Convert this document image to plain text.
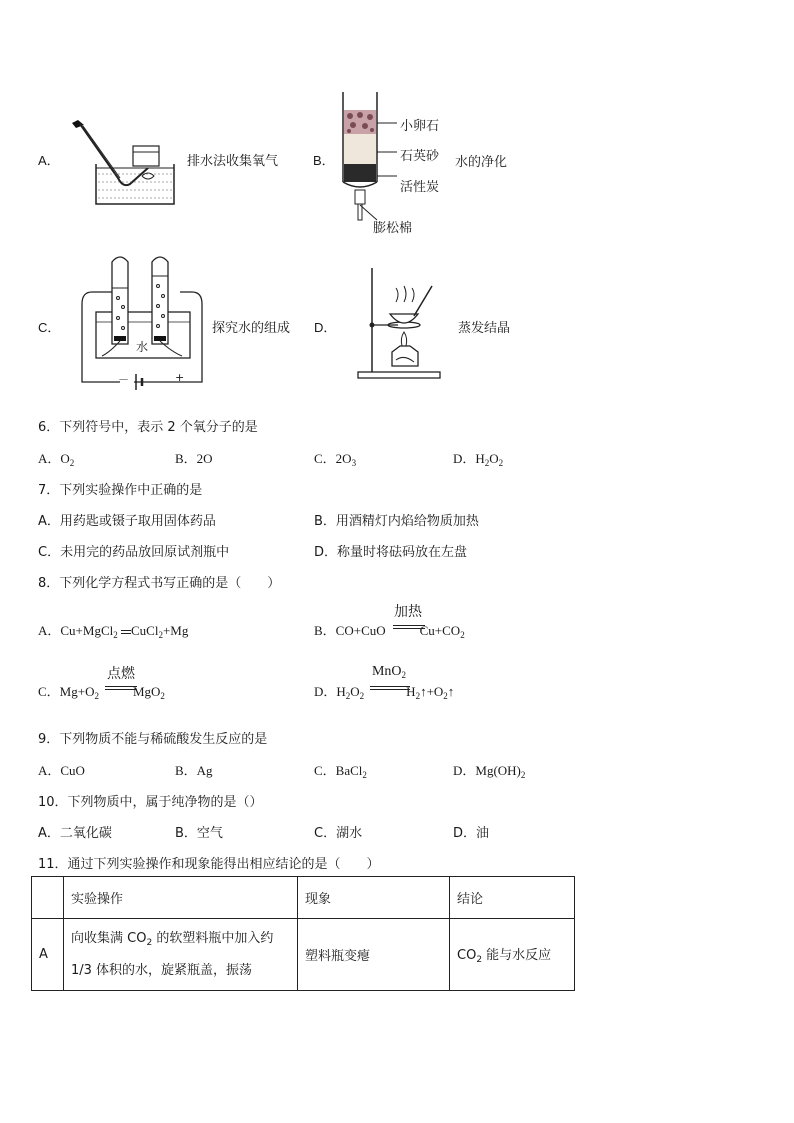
A．	排水法收集氧气	B．
小卵石
石英砂
活性炭
膨松棉
水的净化
C．
水
－	+
探究水的组成 D．	蒸发结晶
6．下列符号中，表示 2 个氧分子的是
A．$O_2$	B．2O	C．$2O_3$	D．$H_2O_2$
7．下列实验操作中正确的是
A．用药匙或镊子取用固体药品	B．用酒精灯内焰给物质加热
C．未用完的药品放回原试剂瓶中	D．称量时将砝码放在左盘
8．下列化学方程式书写正确的是（　　）
A．Cu+MgCl$_2$ CuCl$_2$+Mg	B．CO+CuO	$Cu+CO_2$
加热
C．$Mg+O_2$	MgO$_2$
点燃
D．$H_2O_2$	$H_2↑+O_2↑$
MnO$_2$
9．下列物质不能与稀硫酸发生反应的是
A．CuO	B．Ag	C．BaCl$_2$	D．$Mg(OH)_2$
10．下列物质中，属于纯净物的是（）
A．二氧化碳	B．空气	C．湖水	D．油
11．通过下列实验操作和现象能得出相应结论的是（　　）
	实验操作	现象	结论
A	向收集满 $CO_2$ 的软塑料瓶中加入约
1/3 体积的水，旋紧瓶盖，振荡	塑料瓶变瘪	$CO_2$ 能与水反应
